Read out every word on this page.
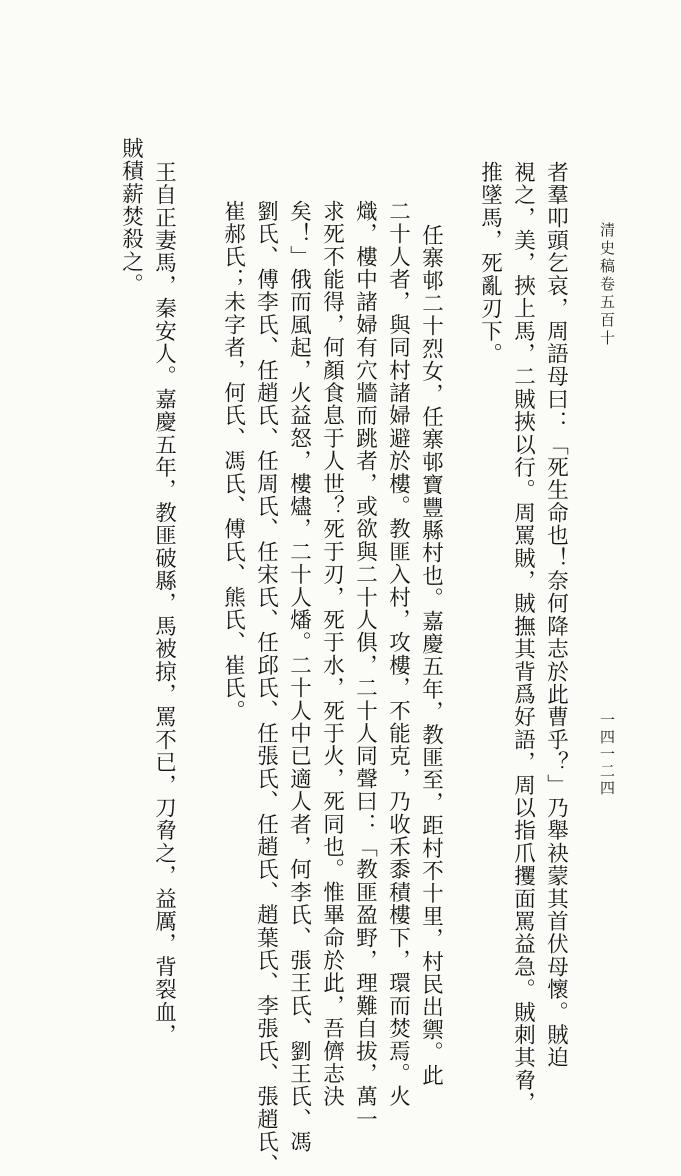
清史稿卷五百十
一四一二四
者羣叩頭乞哀，周語母曰：「死生命也！奈何降志於此曹乎？」乃舉袂蒙其首伏母懷。賊迫
視之，美，挾上馬，二賊挾以行。周罵賊，賊撫其背爲好語，周以指爪攫面罵益急。賊刺其脅，
推墜馬，死亂刃下。
任寨邨二十烈女，任寨邨寶豐縣村也。嘉慶五年，教匪至，距村不十里，村民出禦。此
二十人者，與同村諸婦避於樓。教匪入村，攻樓，不能克，乃收禾黍積樓下，環而焚焉。火
熾，樓中諸婦有穴牆而跳者，或欲與二十人俱，二十人同聲曰：「教匪盈野，理難自拔，萬一
求死不能得，何顏食息于人世？死于刃，死于水，死于火，死同也。惟畢命於此，吾儕志決
矣！」俄而風起，火益怒，樓燼，二十人燔。二十人中已適人者，何李氏、張王氏、劉王氏、馮
劉氏、傅李氏、任趙氏、任周氏、任宋氏、任邱氏、任張氏、任趙氏、趙葉氏、李張氏、張趙氏、
崔郝氏；未字者，何氏、馮氏、傅氏、熊氏、崔氏。
王自正妻馬，秦安人。嘉慶五年，教匪破縣，馬被掠，罵不已，刀脅之，益厲，背裂血，
賊積薪焚殺之。
